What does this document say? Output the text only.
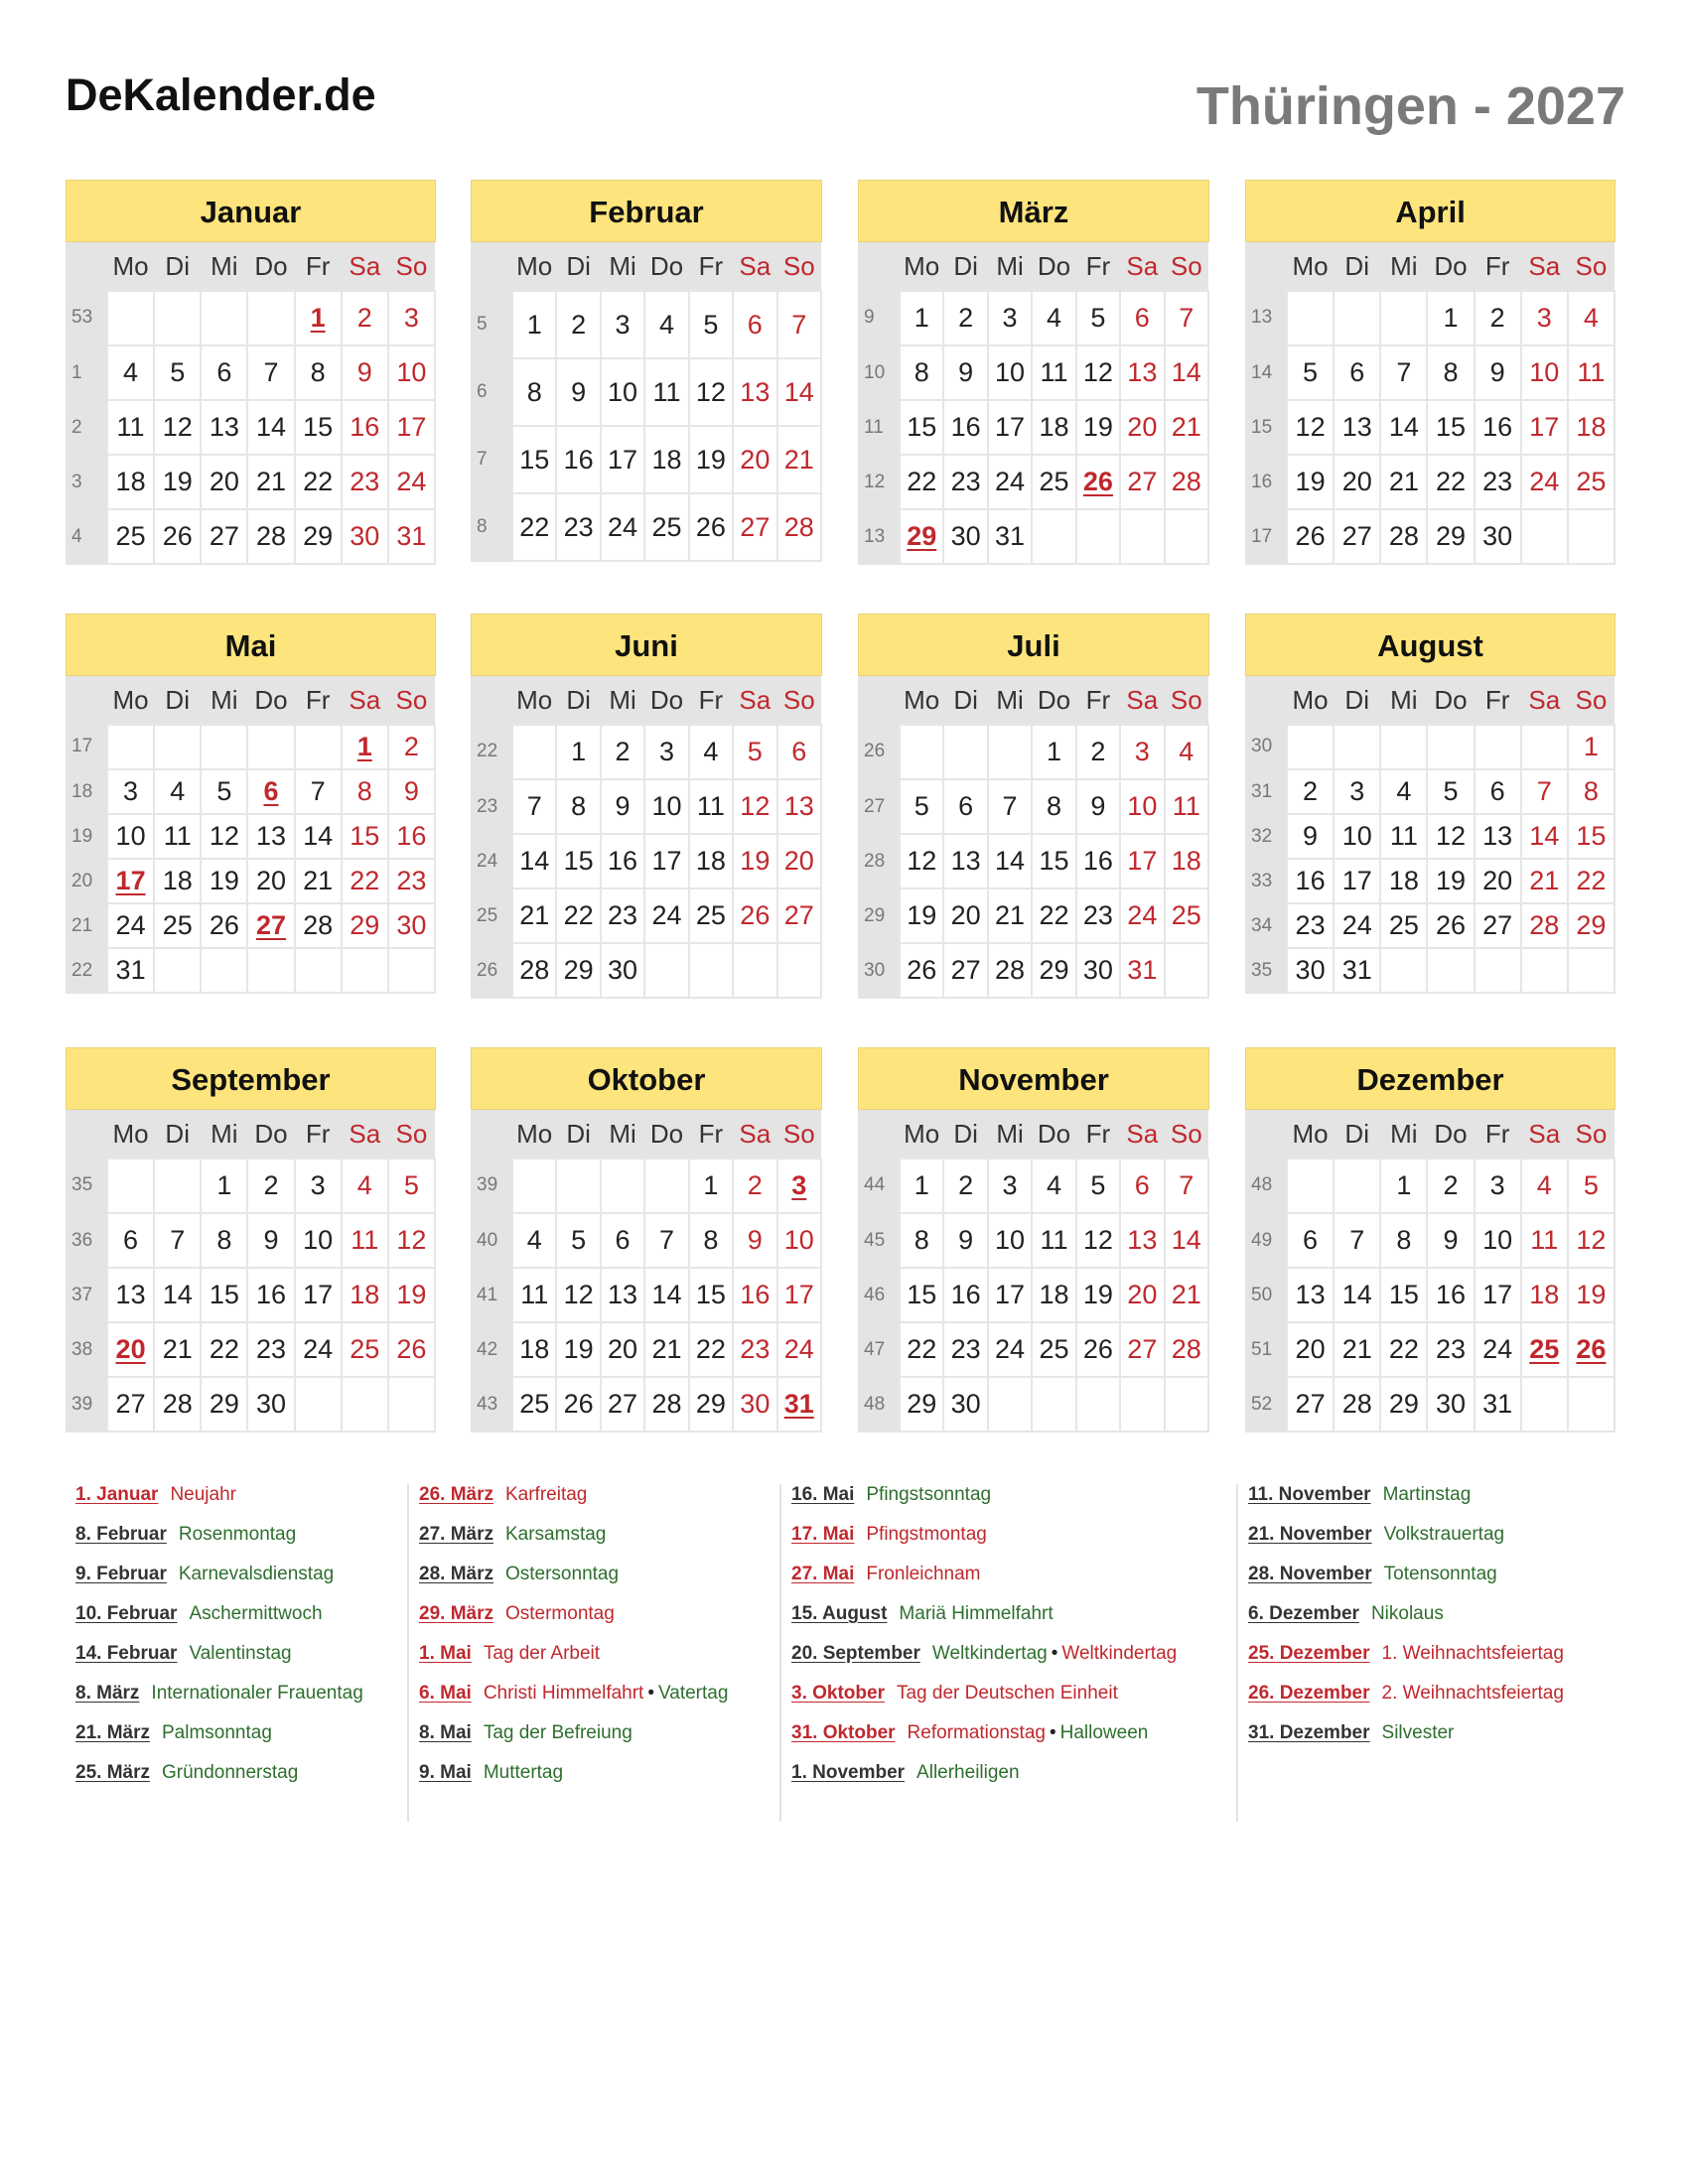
DeKalender.de	Thüringen - 2027
Januar
	Mo	Di	Mi	Do	Fr	Sa	So
53					1	2	3
1	4	5	6	7	8	9	10
2	11	12	13	14	15	16	17
3	18	19	20	21	22	23	24
4	25	26	27	28	29	30	31
Februar
	Mo	Di	Mi	Do	Fr	Sa	So
5	1	2	3	4	5	6	7
6	8	9	10	11	12	13	14
7	15	16	17	18	19	20	21
8	22	23	24	25	26	27	28
März
	Mo	Di	Mi	Do	Fr	Sa	So
9	1	2	3	4	5	6	7
10	8	9	10	11	12	13	14
11	15	16	17	18	19	20	21
12	22	23	24	25	26	27	28
13	29	30	31				
April
	Mo	Di	Mi	Do	Fr	Sa	So
13				1	2	3	4
14	5	6	7	8	9	10	11
15	12	13	14	15	16	17	18
16	19	20	21	22	23	24	25
17	26	27	28	29	30		
Mai
	Mo	Di	Mi	Do	Fr	Sa	So
17						1	2
18	3	4	5	6	7	8	9
19	10	11	12	13	14	15	16
20	17	18	19	20	21	22	23
21	24	25	26	27	28	29	30
22	31						
Juni
	Mo	Di	Mi	Do	Fr	Sa	So
22		1	2	3	4	5	6
23	7	8	9	10	11	12	13
24	14	15	16	17	18	19	20
25	21	22	23	24	25	26	27
26	28	29	30				
Juli
	Mo	Di	Mi	Do	Fr	Sa	So
26				1	2	3	4
27	5	6	7	8	9	10	11
28	12	13	14	15	16	17	18
29	19	20	21	22	23	24	25
30	26	27	28	29	30	31	
August
	Mo	Di	Mi	Do	Fr	Sa	So
30							1
31	2	3	4	5	6	7	8
32	9	10	11	12	13	14	15
33	16	17	18	19	20	21	22
34	23	24	25	26	27	28	29
35	30	31					
September
	Mo	Di	Mi	Do	Fr	Sa	So
35			1	2	3	4	5
36	6	7	8	9	10	11	12
37	13	14	15	16	17	18	19
38	20	21	22	23	24	25	26
39	27	28	29	30			
Oktober
	Mo	Di	Mi	Do	Fr	Sa	So
39					1	2	3
40	4	5	6	7	8	9	10
41	11	12	13	14	15	16	17
42	18	19	20	21	22	23	24
43	25	26	27	28	29	30	31
November
	Mo	Di	Mi	Do	Fr	Sa	So
44	1	2	3	4	5	6	7
45	8	9	10	11	12	13	14
46	15	16	17	18	19	20	21
47	22	23	24	25	26	27	28
48	29	30					
Dezember
	Mo	Di	Mi	Do	Fr	Sa	So
48			1	2	3	4	5
49	6	7	8	9	10	11	12
50	13	14	15	16	17	18	19
51	20	21	22	23	24	25	26
52	27	28	29	30	31		
1. Januar Neujahr
8. Februar Rosenmontag
9. Februar Karnevalsdienstag
10. Februar Aschermittwoch
14. Februar Valentinstag
8. März Internationaler Frauentag
21. März Palmsonntag
25. März Gründonnerstag
26. März Karfreitag
27. März Karsamstag
28. März Ostersonntag
29. März Ostermontag
1. Mai Tag der Arbeit
6. Mai Christi Himmelfahrt • Vatertag
8. Mai Tag der Befreiung
9. Mai Muttertag
16. Mai Pfingstsonntag
17. Mai Pfingstmontag
27. Mai Fronleichnam
15. August Mariä Himmelfahrt
20. September Weltkindertag • Weltkindertag
3. Oktober Tag der Deutschen Einheit
31. Oktober Reformationstag • Halloween
1. November Allerheiligen
11. November Martinstag
21. November Volkstrauertag
28. November Totensonntag
6. Dezember Nikolaus
25. Dezember 1. Weihnachtsfeiertag
26. Dezember 2. Weihnachtsfeiertag
31. Dezember Silvester
